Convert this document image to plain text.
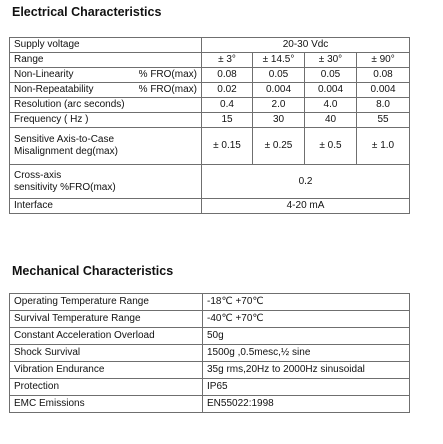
Electrical Characteristics
Supply voltage	20-30 Vdc			
Range	± 3°	± 14.5°	± 30°	± 90°

Non-Linearity % FRO(max)	0.08	0.05	0.05	0.08

Non-Repeatability % FRO(max)	0.02	0.004	0.004	0.004
Resolution (arc seconds)	0.4	2.0	4.0	8.0
Frequency ( Hz )	15	30	40	55

Sensitive Axis-to-Case
Misalignment deg(max)	± 0.15	± 0.25	± 0.5	± 1.0

Cross-axis
sensitivity %FRO(max)	0.2			
Interface	4-20 mA			
Mechanical Characteristics
Operating Temperature Range	-18℃ +70℃
Survival Temperature Range	-40℃ +70℃
Constant Acceleration Overload	50g
Shock Survival	1500g ,0.5mesc,½ sine
Vibration Endurance	35g rms,20Hz to 2000Hz sinusoidal
Protection	IP65
EMC Emissions	EN55022:1998
